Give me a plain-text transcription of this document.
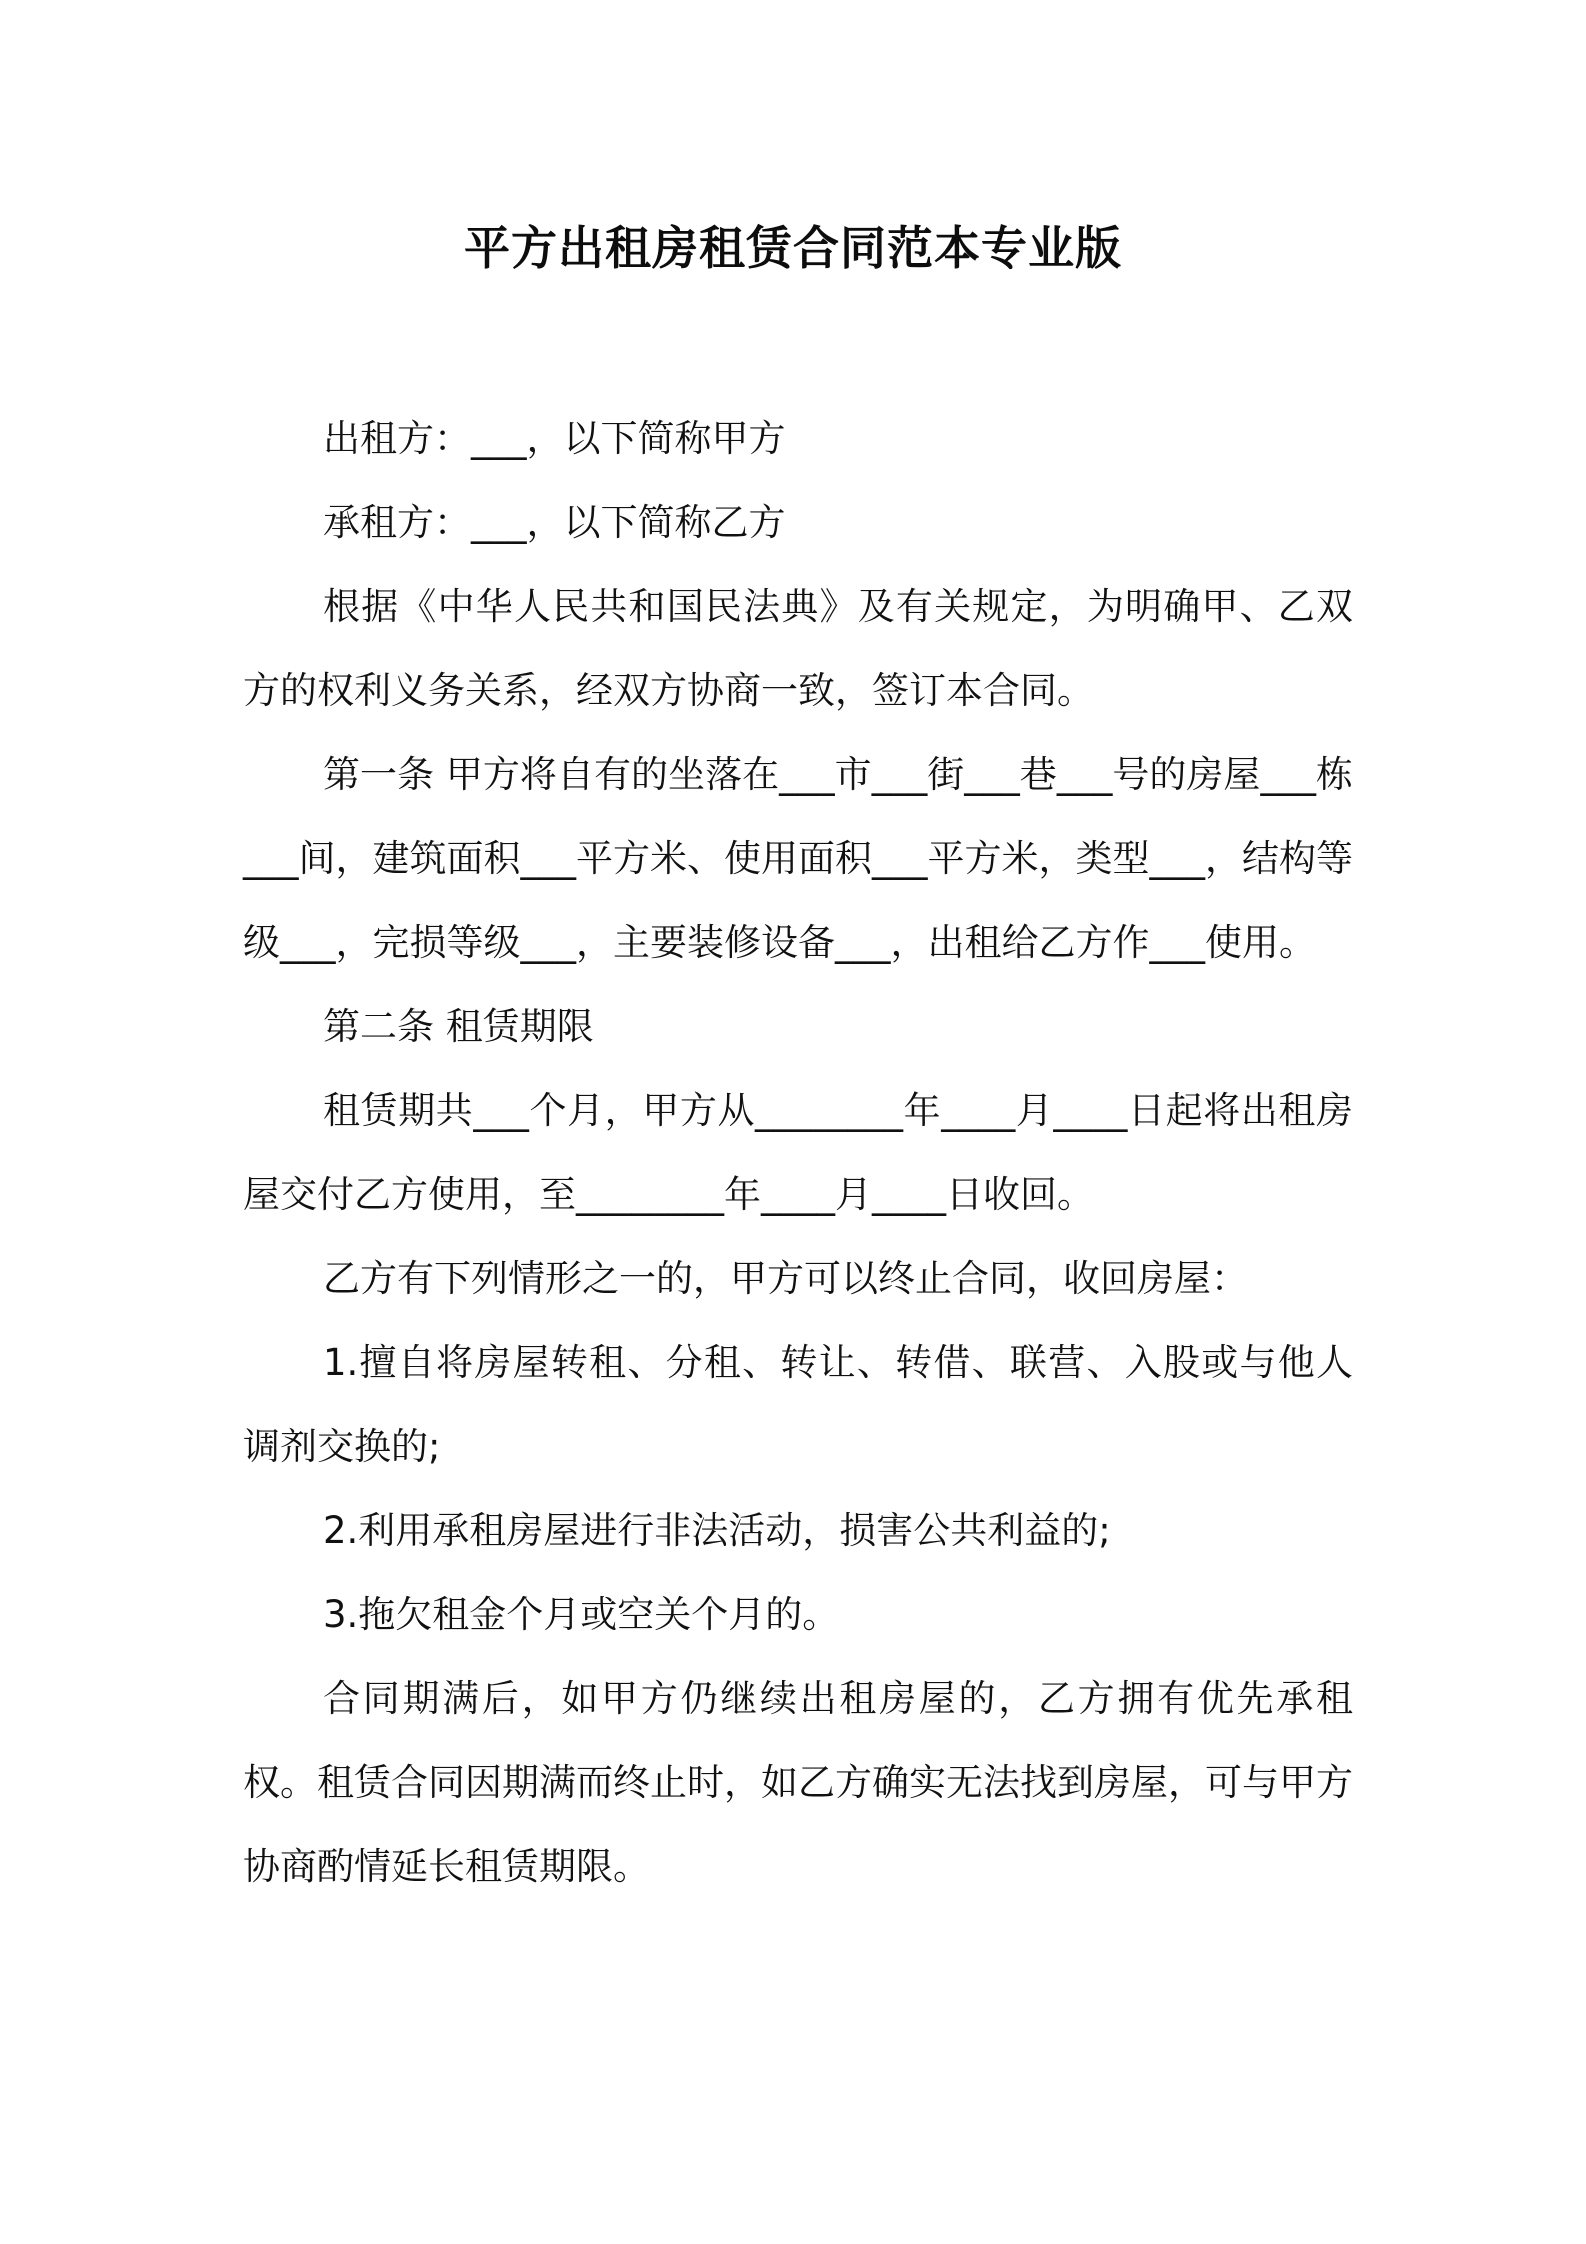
平方出租房租赁合同范本专业版

出租方：___，以下简称甲方

承租方：___，以下简称乙方

根据《中华人民共和国民法典》及有关规定，为明确甲、乙双方的权利义务关系，经双方协商一致，签订本合同。

第一条 甲方将自有的坐落在___市___街___巷___号的房屋___栋___间，建筑面积___平方米、使用面积___平方米，类型___，结构等级___，完损等级___，主要装修设备___，出租给乙方作___使用。

第二条 租赁期限

租赁期共___个月，甲方从________年____月____日起将出租房屋交付乙方使用，至________年____月____日收回。

乙方有下列情形之一的，甲方可以终止合同，收回房屋：

1.擅自将房屋转租、分租、转让、转借、联营、入股或与他人调剂交换的;

2.利用承租房屋进行非法活动，损害公共利益的;

3.拖欠租金个月或空关个月的。

合同期满后，如甲方仍继续出租房屋的，乙方拥有优先承租权。租赁合同因期满而终止时，如乙方确实无法找到房屋，可与甲方协商酌情延长租赁期限。
